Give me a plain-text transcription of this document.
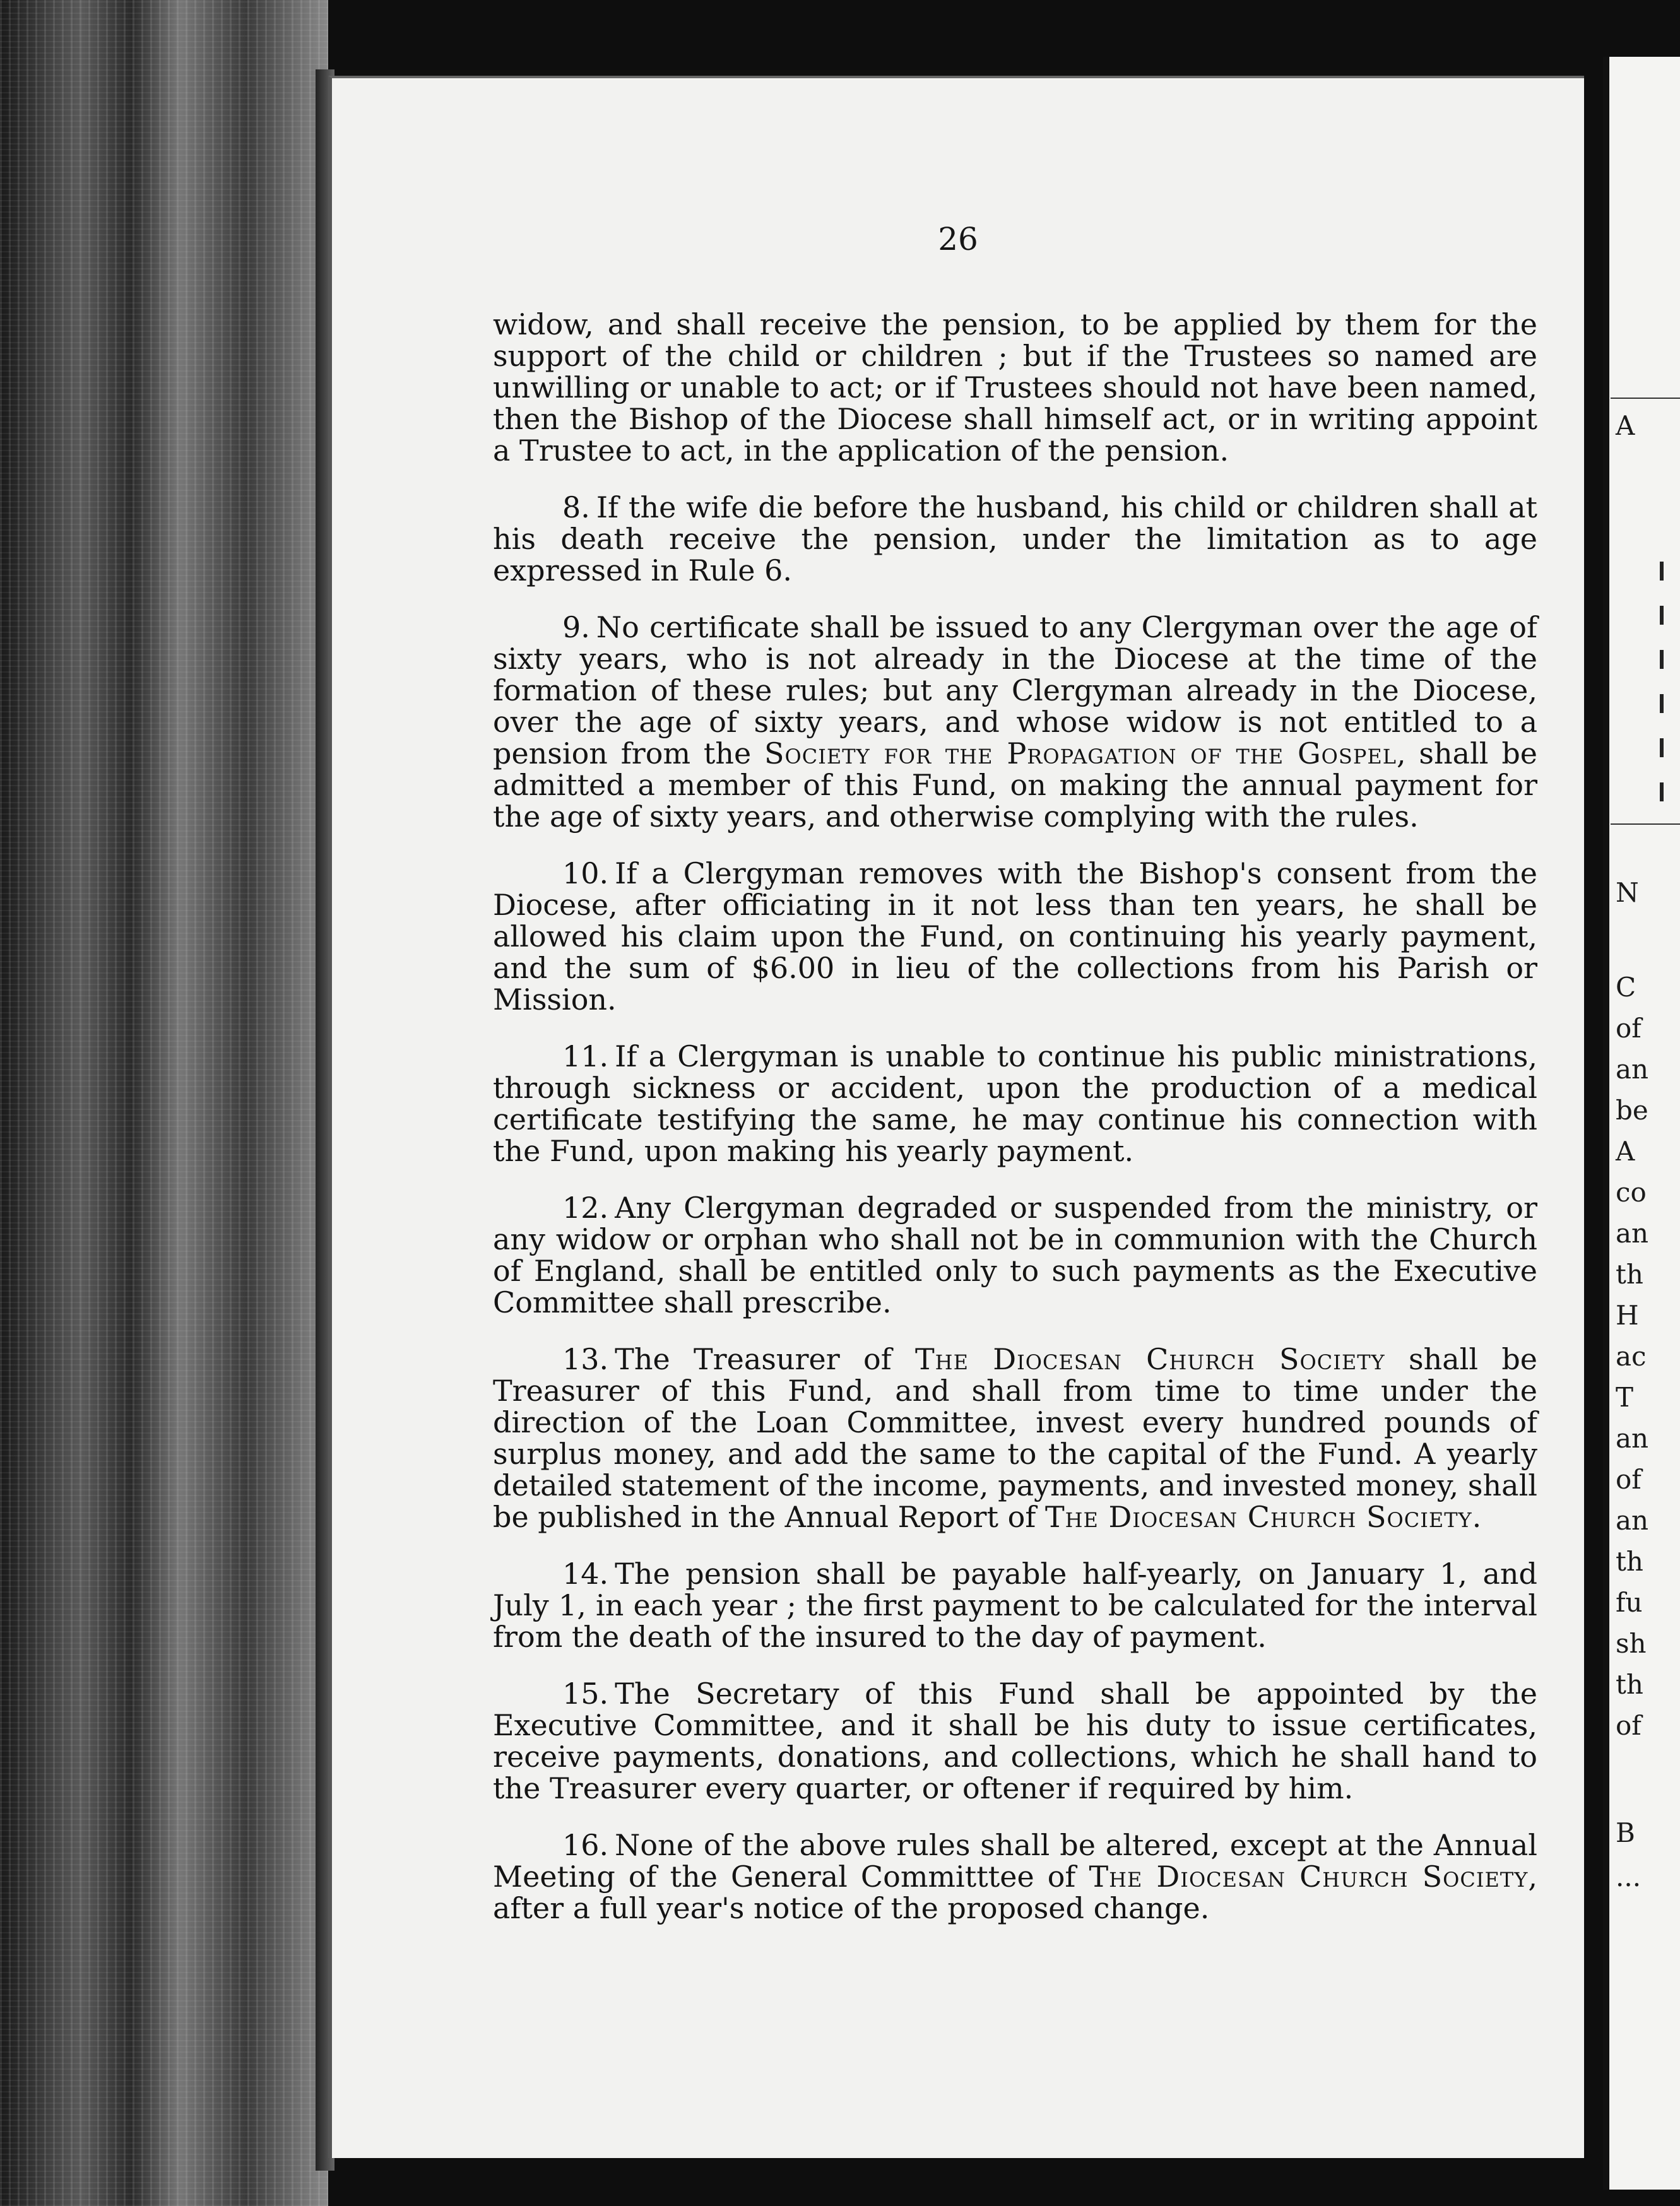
26

widow, and shall receive the pension, to be applied by them for the support of the child or children ; but if the Trustees so named are unwilling or unable to act; or if Trustees should not have been named, then the Bishop of the Diocese shall himself act, or in writing appoint a Trustee to act, in the application of the pension.

8. If the wife die before the husband, his child or children shall at his death receive the pension, under the limitation as to age expressed in Rule 6.

9. No certificate shall be issued to any Clergyman over the age of sixty years, who is not already in the Diocese at the time of the formation of these rules; but any Clergyman already in the Diocese, over the age of sixty years, and whose widow is not entitled to a pension from the Society for the Propagation of the Gospel, shall be admitted a member of this Fund, on making the annual payment for the age of sixty years, and otherwise complying with the rules.

10. If a Clergyman removes with the Bishop's consent from the Diocese, after officiating in it not less than ten years, he shall be allowed his claim upon the Fund, on continuing his yearly payment, and the sum of $6.00 in lieu of the collections from his Parish or Mission.

11. If a Clergyman is unable to continue his public ministrations, through sickness or accident, upon the production of a medical certificate testifying the same, he may continue his connection with the Fund, upon making his yearly payment.

12. Any Clergyman degraded or suspended from the ministry, or any widow or orphan who shall not be in communion with the Church of England, shall be entitled only to such payments as the Executive Committee shall prescribe.

13. The Treasurer of The Diocesan Church Society shall be Treasurer of this Fund, and shall from time to time under the direction of the Loan Committee, invest every hundred pounds of surplus money, and add the same to the capital of the Fund. A yearly detailed statement of the income, payments, and invested money, shall be published in the Annual Report of The Diocesan Church Society.

14. The pension shall be payable half-yearly, on January 1, and July 1, in each year ; the first payment to be calculated for the interval from the death of the insured to the day of payment.

15. The Secretary of this Fund shall be appointed by the Executive Committee, and it shall be his duty to issue certificates, receive payments, donations, and collections, which he shall hand to the Treasurer every quarter, or oftener if required by him.

16. None of the above rules shall be altered, except at the Annual Meeting of the General Committtee of The Diocesan Church Society, after a full year's notice of the proposed change.

A
N
C
of
an
be
A
co
an
th
H
ac
T
an
of
an
th
fu
sh
th
of
B
...
